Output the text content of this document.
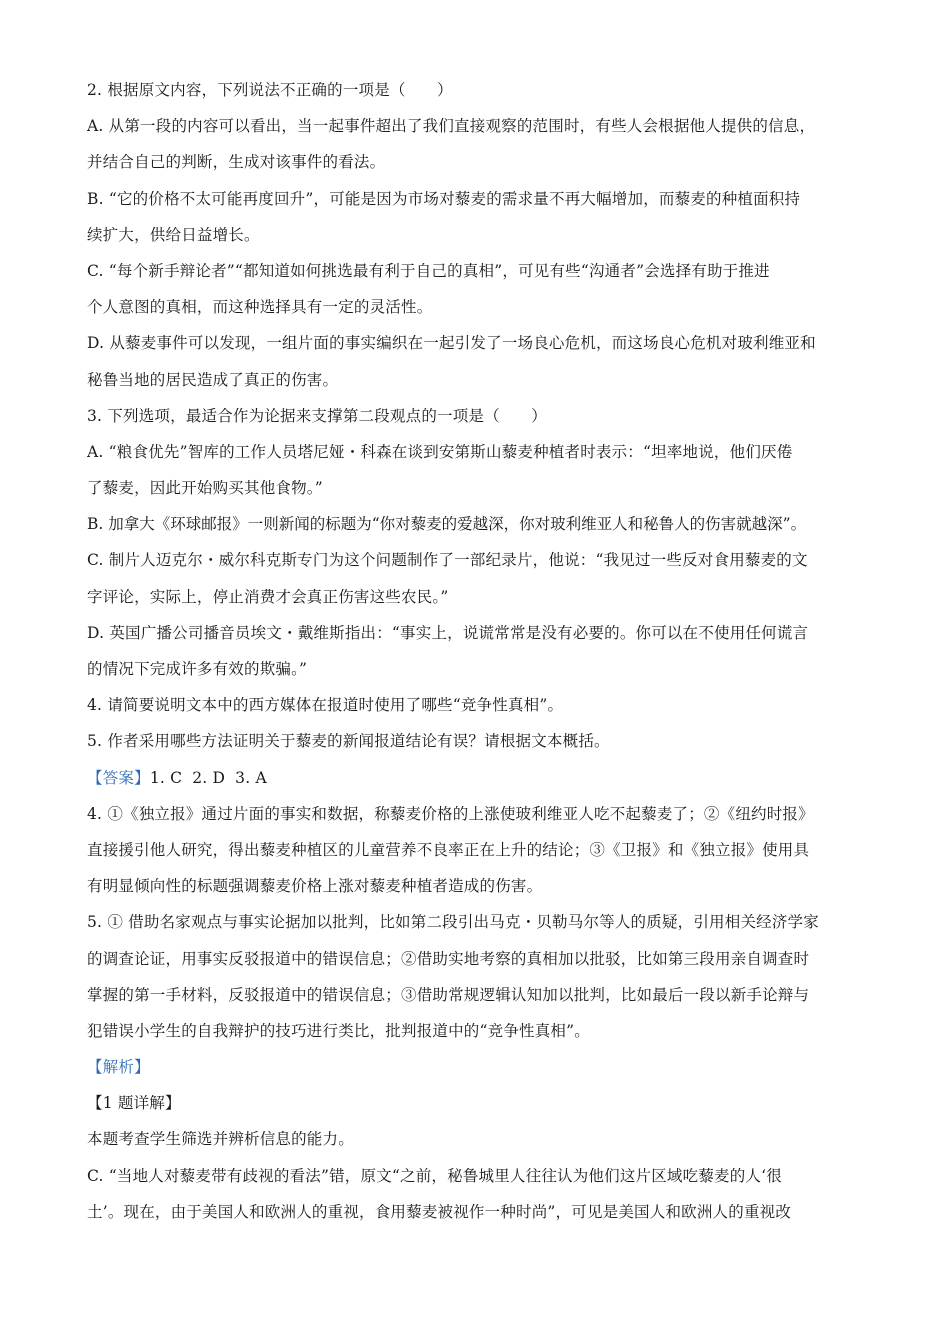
2. 根据原文内容，下列说法不正确的一项是（　　）
A. 从第一段的内容可以看出，当一起事件超出了我们直接观察的范围时，有些人会根据他人提供的信息，
并结合自己的判断，生成对该事件的看法。
B. “它的价格不太可能再度回升”，可能是因为市场对藜麦的需求量不再大幅增加，而藜麦的种植面积持
续扩大，供给日益增长。
C. “每个新手辩论者”“都知道如何挑选最有利于自己的真相”，可见有些“沟通者”会选择有助于推进
个人意图的真相，而这种选择具有一定的灵活性。
D. 从藜麦事件可以发现，一组片面的事实编织在一起引发了一场良心危机，而这场良心危机对玻利维亚和
秘鲁当地的居民造成了真正的伤害。
3. 下列选项，最适合作为论据来支撑第二段观点的一项是（　　）
A. “粮食优先”智库的工作人员塔尼娅・科森在谈到安第斯山藜麦种植者时表示：“坦率地说，他们厌倦
了藜麦，因此开始购买其他食物。”
B. 加拿大《环球邮报》一则新闻的标题为“你对藜麦的爱越深，你对玻利维亚人和秘鲁人的伤害就越深”。
C. 制片人迈克尔・威尔科克斯专门为这个问题制作了一部纪录片，他说：“我见过一些反对食用藜麦的文
字评论，实际上，停止消费才会真正伤害这些农民。”
D. 英国广播公司播音员埃文・戴维斯指出：“事实上，说谎常常是没有必要的。你可以在不使用任何谎言
的情况下完成许多有效的欺骗。”
4. 请简要说明文本中的西方媒体在报道时使用了哪些“竞争性真相”。
5. 作者采用哪些方法证明关于藜麦的新闻报道结论有误？请根据文本概括。
【答案】1. C 2. D 3. A
4. ①《独立报》通过片面的事实和数据，称藜麦价格的上涨使玻利维亚人吃不起藜麦了；②《纽约时报》
直接援引他人研究，得出藜麦种植区的儿童营养不良率正在上升的结论；③《卫报》和《独立报》使用具
有明显倾向性的标题强调藜麦价格上涨对藜麦种植者造成的伤害。
5. ① 借助名家观点与事实论据加以批判，比如第二段引出马克・贝勒马尔等人的质疑，引用相关经济学家
的调查论证，用事实反驳报道中的错误信息；②借助实地考察的真相加以批驳，比如第三段用亲自调查时
掌握的第一手材料，反驳报道中的错误信息；③借助常规逻辑认知加以批判，比如最后一段以新手论辩与
犯错误小学生的自我辩护的技巧进行类比，批判报道中的“竞争性真相”。
【解析】
【1 题详解】
本题考查学生筛选并辨析信息的能力。
C. “当地人对藜麦带有歧视的看法”错，原文“之前，秘鲁城里人往往认为他们这片区域吃藜麦的人‘很
土’。现在，由于美国人和欧洲人的重视，食用藜麦被视作一种时尚”，可见是美国人和欧洲人的重视改
